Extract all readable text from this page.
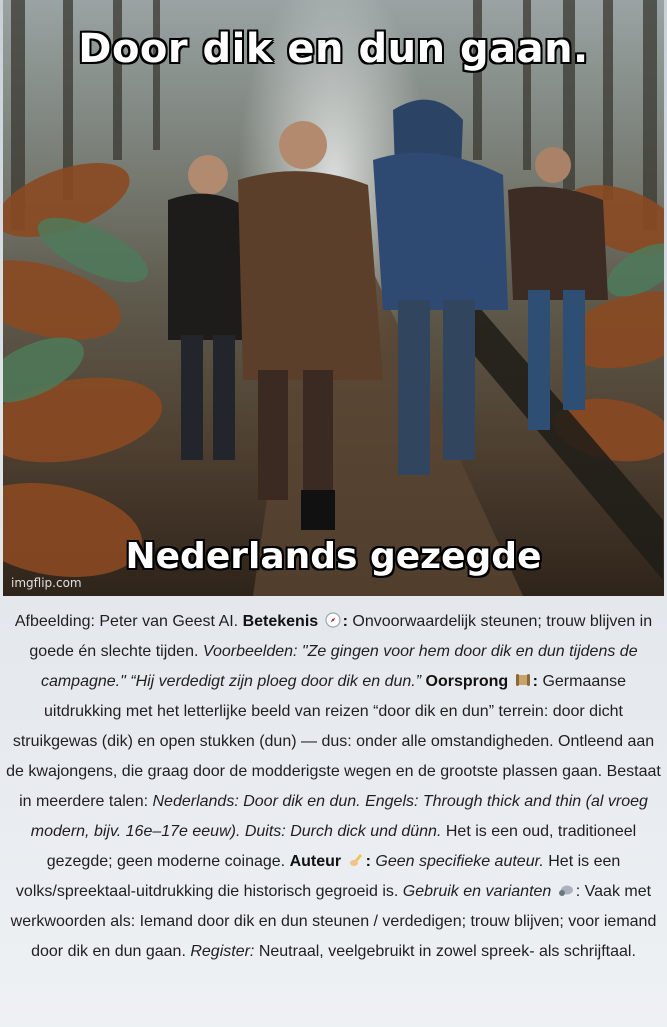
Door dik en dun gaan.
Nederlands gezegde
imgflip.com
Afbeelding: Peter van Geest AI. Betekenis : Onvoorwaardelijk steunen; trouw blijven in goede én slechte tijden. Voorbeelden: "Ze gingen voor hem door dik en dun tijdens de campagne." “Hij verdedigt zijn ploeg door dik en dun.” Oorsprong : Germaanse uitdrukking met het letterlijke beeld van reizen “door dik en dun” terrein: door dicht struikgewas (dik) en open stukken (dun) — dus: onder alle omstandigheden. Ontleend aan de kwajongens, die graag door de modderigste wegen en de grootste plassen gaan. Bestaat in meerdere talen: Nederlands: Door dik en dun. Engels: Through thick and thin (al vroeg modern, bijv. 16e–17e eeuw). Duits: Durch dick und dünn. Het is een oud, traditioneel gezegde; geen moderne coinage. Auteur : Geen specifieke auteur. Het is een volks/spreektaal-uitdrukking die historisch gegroeid is. Gebruik en varianten : Vaak met werkwoorden als: Iemand door dik en dun steunen / verdedigen; trouw blijven; voor iemand door dik en dun gaan. Register: Neutraal, veelgebruikt in zowel spreek- als schrijftaal.
